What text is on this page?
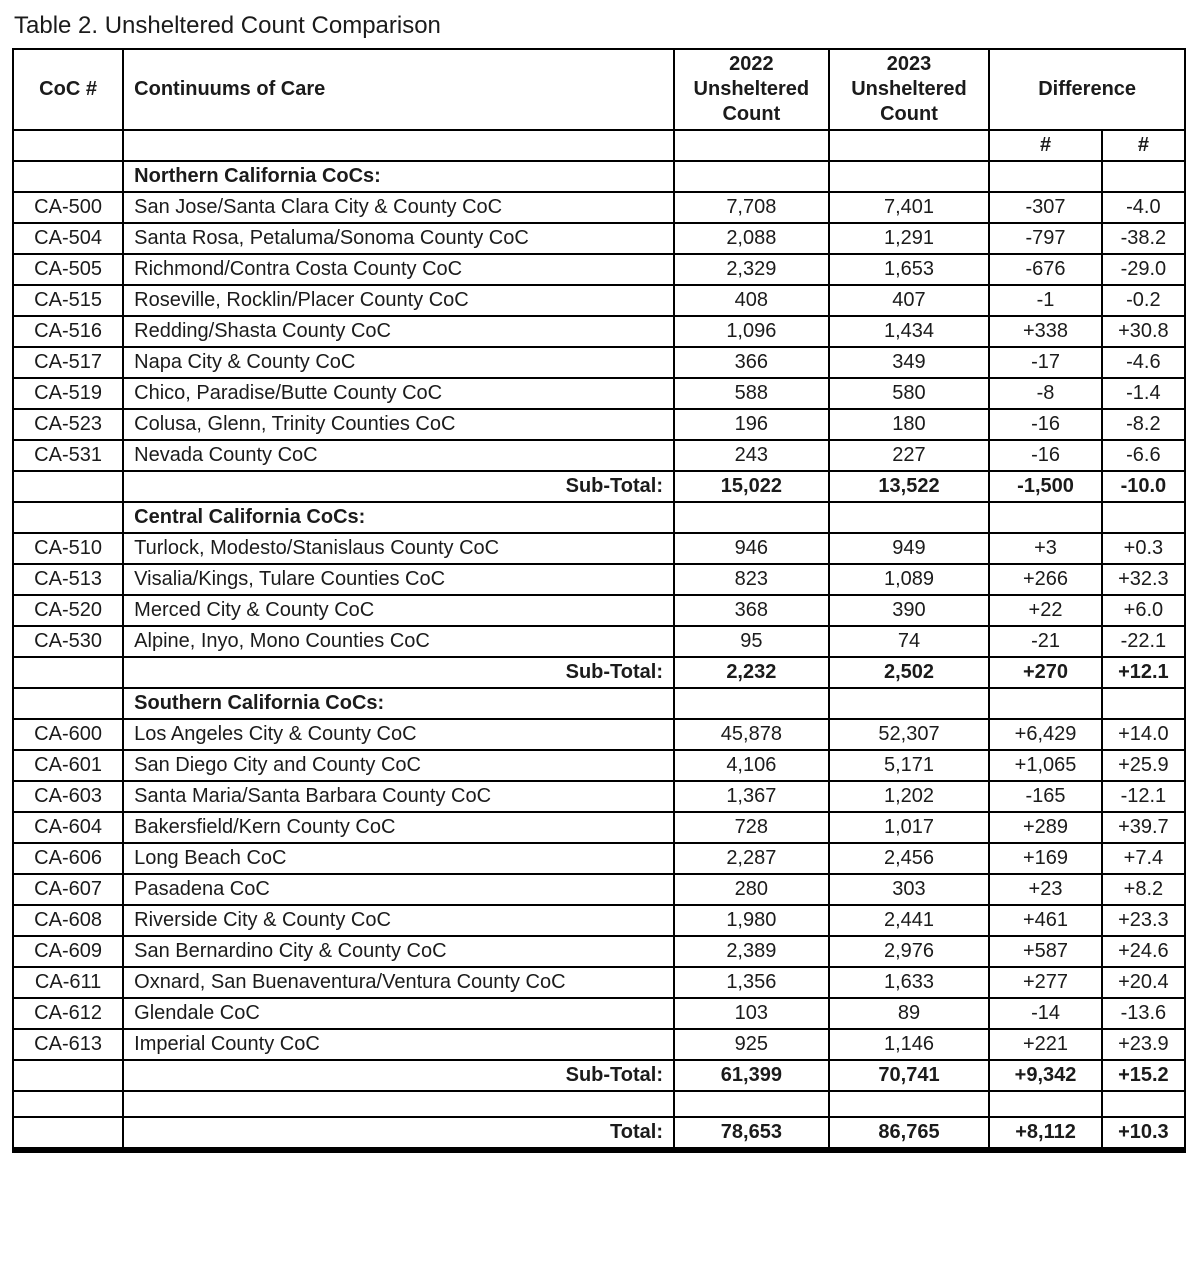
Table 2. Unsheltered Count Comparison
CoC #	Continuums of Care	2022 Unsheltered Count	2023 Unsheltered Count	Difference	
				#	#
	Northern California CoCs:				
CA-500	San Jose/Santa Clara City & County CoC	7,708	7,401	-307	-4.0
CA-504	Santa Rosa, Petaluma/Sonoma County CoC	2,088	1,291	-797	-38.2
CA-505	Richmond/Contra Costa County CoC	2,329	1,653	-676	-29.0
CA-515	Roseville, Rocklin/Placer County CoC	408	407	-1	-0.2
CA-516	Redding/Shasta County CoC	1,096	1,434	+338	+30.8
CA-517	Napa City & County CoC	366	349	-17	-4.6
CA-519	Chico, Paradise/Butte County CoC	588	580	-8	-1.4
CA-523	Colusa, Glenn, Trinity Counties CoC	196	180	-16	-8.2
CA-531	Nevada County CoC	243	227	-16	-6.6
	Sub-Total:	15,022	13,522	-1,500	-10.0
	Central California CoCs:				
CA-510	Turlock, Modesto/Stanislaus County CoC	946	949	+3	+0.3
CA-513	Visalia/Kings, Tulare Counties CoC	823	1,089	+266	+32.3
CA-520	Merced City & County CoC	368	390	+22	+6.0
CA-530	Alpine, Inyo, Mono Counties CoC	95	74	-21	-22.1
	Sub-Total:	2,232	2,502	+270	+12.1
	Southern California CoCs:				
CA-600	Los Angeles City & County CoC	45,878	52,307	+6,429	+14.0
CA-601	San Diego City and County CoC	4,106	5,171	+1,065	+25.9
CA-603	Santa Maria/Santa Barbara County CoC	1,367	1,202	-165	-12.1
CA-604	Bakersfield/Kern County CoC	728	1,017	+289	+39.7
CA-606	Long Beach CoC	2,287	2,456	+169	+7.4
CA-607	Pasadena CoC	280	303	+23	+8.2
CA-608	Riverside City & County CoC	1,980	2,441	+461	+23.3
CA-609	San Bernardino City & County CoC	2,389	2,976	+587	+24.6
CA-611	Oxnard, San Buenaventura/Ventura County CoC	1,356	1,633	+277	+20.4
CA-612	Glendale CoC	103	89	-14	-13.6
CA-613	Imperial County CoC	925	1,146	+221	+23.9
	Sub-Total:	61,399	70,741	+9,342	+15.2

	Total:	78,653	86,765	+8,112	+10.3
